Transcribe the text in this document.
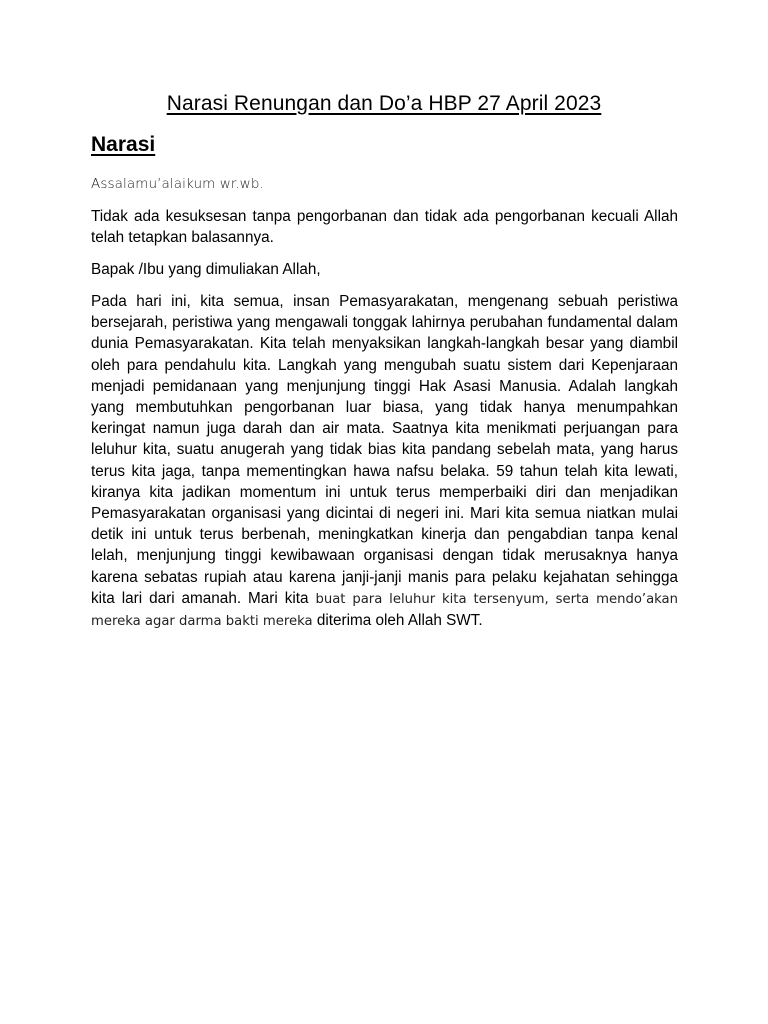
Narasi Renungan dan Do’a HBP 27 April 2023
Narasi
Assalamu’alaikum wr.wb.
Tidak ada kesuksesan tanpa pengorbanan dan tidak ada pengorbanan kecuali Allah telah tetapkan balasannya.
Bapak /Ibu yang dimuliakan Allah,
Pada hari ini, kita semua, insan Pemasyarakatan, mengenang sebuah peristiwa bersejarah, peristiwa yang mengawali tonggak lahirnya perubahan fundamental dalam dunia Pemasyarakatan. Kita telah menyaksikan langkah-langkah besar yang diambil oleh para pendahulu kita. Langkah yang mengubah suatu sistem dari Kepenjaraan menjadi pemidanaan yang menjunjung tinggi Hak Asasi Manusia. Adalah langkah yang membutuhkan pengorbanan luar biasa, yang tidak hanya menumpahkan keringat namun juga darah dan air mata. Saatnya kita menikmati perjuangan para leluhur kita, suatu anugerah yang tidak bias kita pandang sebelah mata, yang harus terus kita jaga, tanpa mementingkan hawa nafsu belaka. 59 tahun telah kita lewati, kiranya kita jadikan momentum ini untuk terus memperbaiki diri dan menjadikan Pemasyarakatan organisasi yang dicintai di negeri ini. Mari kita semua niatkan mulai detik ini untuk terus berbenah, meningkatkan kinerja dan pengabdian tanpa kenal lelah, menjunjung tinggi kewibawaan organisasi dengan tidak merusaknya hanya karena sebatas rupiah atau karena janji-janji manis para pelaku kejahatan sehingga kita lari dari amanah. Mari kita buat para leluhur kita tersenyum, serta mendo’akan mereka agar darma bakti mereka diterima oleh Allah SWT.
